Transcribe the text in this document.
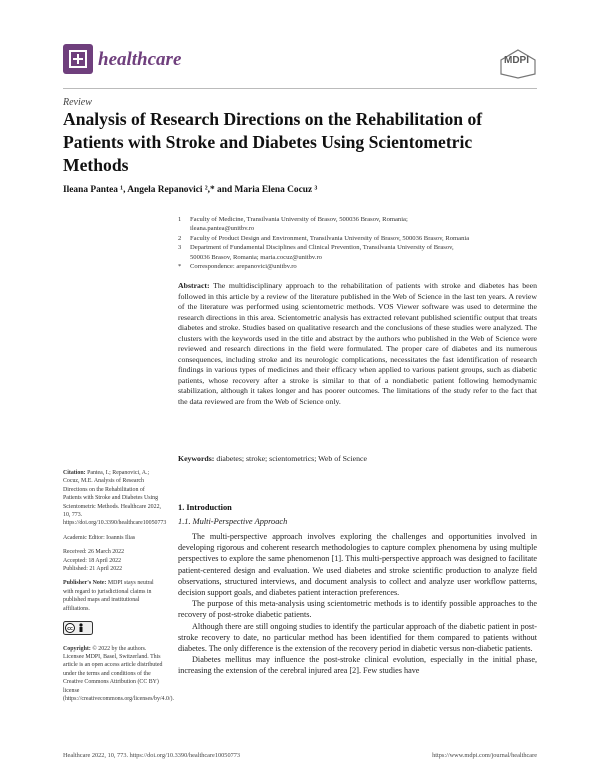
healthcare	MDPI
Review
Analysis of Research Directions on the Rehabilitation of Patients with Stroke and Diabetes Using Scientometric Methods
Ileana Pantea ¹, Angela Repanovici ²,* and Maria Elena Cocuz ³
1	Faculty of Medicine, Transilvania University of Brasov, 500036 Brasov, Romania;
ileana.pantea@unitbv.ro
2	Faculty of Product Design and Environment, Transilvania University of Brasov, 500036 Brasov, Romania
3	Department of Fundamental Disciplines and Clinical Prevention, Transilvania University of Brasov,
500036 Brasov, Romania; maria.cocuz@unitbv.ro
*	Correspondence: arepanovici@unitbv.ro
Abstract: The multidisciplinary approach to the rehabilitation of patients with stroke and diabetes has been followed in this article by a review of the literature published in the Web of Science in the last ten years. A review of the literature was performed using scientometric methods. VOS Viewer software was used to determine the research directions in this area. Scientometric analysis has extracted relevant published scientific output that treats diabetes and stroke. Studies based on qualitative research and the conclusions of these studies were analyzed. The clusters with the keywords used in the title and abstract by the authors who published in the Web of Science were reviewed and research directions in the field were formulated. The proper care of diabetes and its numerous consequences, including stroke and its neurologic complications, necessitates the fast identification of research findings in various types of medicines and their efficacy when applied to various patient groups, such as diabetic patients, whose recovery after a stroke is similar to that of a nondiabetic patient following hemodynamic stabilization, although it takes longer and has poorer outcomes. The limitations of the study refer to the fact that the data reviewed are from the Web of Science only.
Keywords: diabetes; stroke; scientometrics; Web of Science

Citation: Pantea, I.; Repanovici, A.; Cocuz, M.E. Analysis of Research Directions on the Rehabilitation of Patients with Stroke and Diabetes Using Scientometric Methods. Healthcare 2022, 10, 773. https://doi.org/10.3390/healthcare10050773

Academic Editor: Ioannis Ilias

Received: 26 March 2022

Accepted: 18 April 2022

Published: 21 April 2022

Publisher's Note: MDPI stays neutral with regard to jurisdictional claims in published maps and institutional affiliations.

cc

Copyright: © 2022 by the authors. Licensee MDPI, Basel, Switzerland. This article is an open access article distributed under the terms and conditions of the Creative Commons Attribution (CC BY) license (https://creativecommons.org/licenses/by/4.0/).

1. Introduction
1.1. Multi-Perspective Approach

The multi-perspective approach involves exploring the challenges and opportunities involved in developing rigorous and coherent research methodologies to capture complex phenomena by using multiple perspectives to explore the same phenomenon [1]. This multi-perspective approach was designed to facilitate patient-centered design and evaluation. We used diabetes and stroke scientific production to analyze field observations, structured interviews, and document analysis to collect and analyze user workflow patterns, decision support goals, and diabetes patient interaction preferences.

The purpose of this meta-analysis using scientometric methods is to identify possible approaches to the recovery of post-stroke diabetic patients.

Although there are still ongoing studies to identify the particular approach of the diabetic patient in post-stroke recovery to date, no particular method has been identified for them compared to patients without diabetes. The only difference is the extension of the recovery period in diabetic versus non-diabetic patients.

Diabetes mellitus may influence the post-stroke clinical evolution, especially in the initial phase, increasing the extension of the cerebral injured area [2]. Few studies have

Healthcare 2022, 10, 773. https://doi.org/10.3390/healthcare10050773	https://www.mdpi.com/journal/healthcare
